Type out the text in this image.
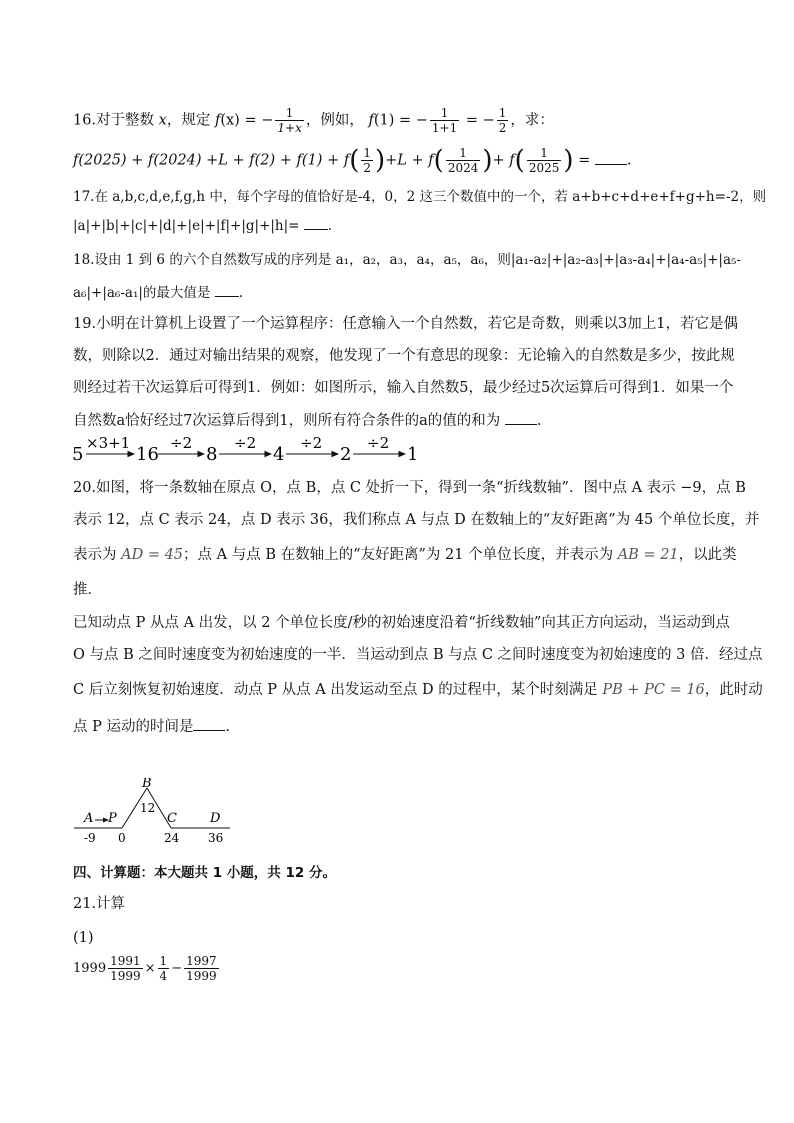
16.对于整数 x，规定 f(x) = − $\frac{1}{1+x}$ ，例如， f(1) = − $\frac{1}{1+1}$ = − $\frac{1}{2}$ ，求：
$f(2025) + f(2024) +L + f(2) + f(1) + f( \frac{1}{2} )+L + f( \frac{1}{2024}$ )+ $f( \frac{1}{2025}$ ) =	.
17.在 a,b,c,d,e,f,g,h 中，每个字母的值恰好是-4，0，2 这三个数值中的一个，若 a+b+c+d+e+f+g+h=-2，则
|a|+|b|+|c|+|d|+|e|+|f|+|g|+|h|= .
18.设由 1 到 6 的六个自然数写成的序列是 a₁，a₂，a₃，a₄，a₅，a₆，则|a₁-a₂|+|a₂-a₃|+|a₃-a₄|+|a₄-a₅|+|a₅-
a₆|+|a₆-a₁|的最大值是 .
19.小明在计算机上设置了一个运算程序：任意输入一个自然数，若它是奇数，则乘以3加上1，若它是偶
数，则除以2．通过对输出结果的观察，他发现了一个有意思的现象：无论输入的自然数是多少，按此规
则经过若干次运算后可得到1．例如：如图所示，输入自然数5，最少经过5次运算后可得到1．如果一个
自然数a恰好经过7次运算后得到1，则所有符合条件的a的值的和为	.
5
×3+1
16
÷2
8
÷2
4
÷2
2
÷2
1
20.如图，将一条数轴在原点 O，点 B，点 C 处折一下，得到一条“折线数轴”．图中点 A 表示 −9，点 B
表示 12，点 C 表示 24，点 D 表示 36，我们称点 A 与点 D 在数轴上的“友好距离”为 45 个单位长度，并
表示为 AD = 45；点 A 与点 B 在数轴上的“友好距离”为 21 个单位长度，并表示为 AB = 21，以此类
推．
已知动点 P 从点 A 出发，以 2 个单位长度/秒的初始速度沿着“折线数轴”向其正方向运动，当运动到点
O 与点 B 之间时速度变为初始速度的一半．当运动到点 B 与点 C 之间时速度变为初始速度的 3 倍．经过点
C 后立刻恢复初始速度．动点 P 从点 A 出发运动至点 D 的过程中，某个时刻满足 PB + PC = 16，此时动
点 P 运动的时间是 .
A P
B
C	D
-9 0
12
24 36
四、计算题：本大题共 1 小题，共 12 分。
21.计算
(1)
$1999 \frac{1991}{1999} \times \frac{1}{4} - \frac{1997}{1999}$
